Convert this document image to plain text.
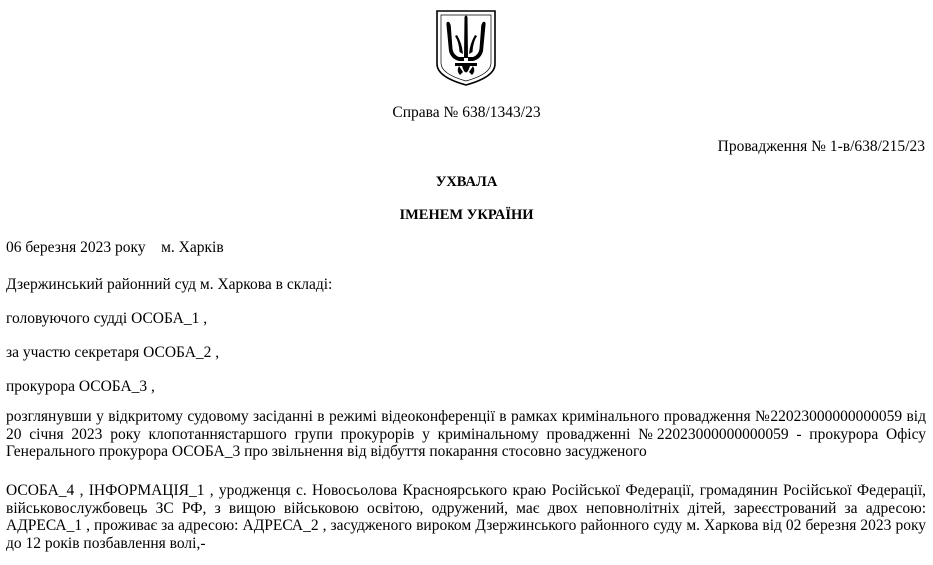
Справа № 638/1343/23
Провадження № 1-в/638/215/23
УХВАЛА
ІМЕНЕМ УКРАЇНИ
06 березня 2023 року    м. Харків
Дзержинський районний суд м. Харкова в складі:
головуючого судді ОСОБА_1 ,
за участю секретаря ОСОБА_2 ,
прокурора ОСОБА_3 ,
розглянувши у відкритому судовому засіданні в режимі відеоконференції в рамках кримінального провадження №22023000000000059 від 20 січня 2023 року клопотаннястаршого групи прокурорів у кримінальному провадженні №22023000000000059 - прокурора Офісу Генерального прокурора ОСОБА_3 про звільнення від відбуття покарання стосовно засудженого
ОСОБА_4 , ІНФОРМАЦІЯ_1 , уродженця с. Новосьолова Красноярського краю Російської Федерації, громадянин Російської Федерації, військовослужбовець ЗС РФ, з вищою військовою освітою, одружений, має двох неповнолітніх дітей, зареєстрований за адресою: АДРЕСА_1 , проживає за адресою: АДРЕСА_2 , засудженого вироком Дзержинського районного суду м. Харкова від 02 березня 2023 року до 12 років позбавлення волі,-
